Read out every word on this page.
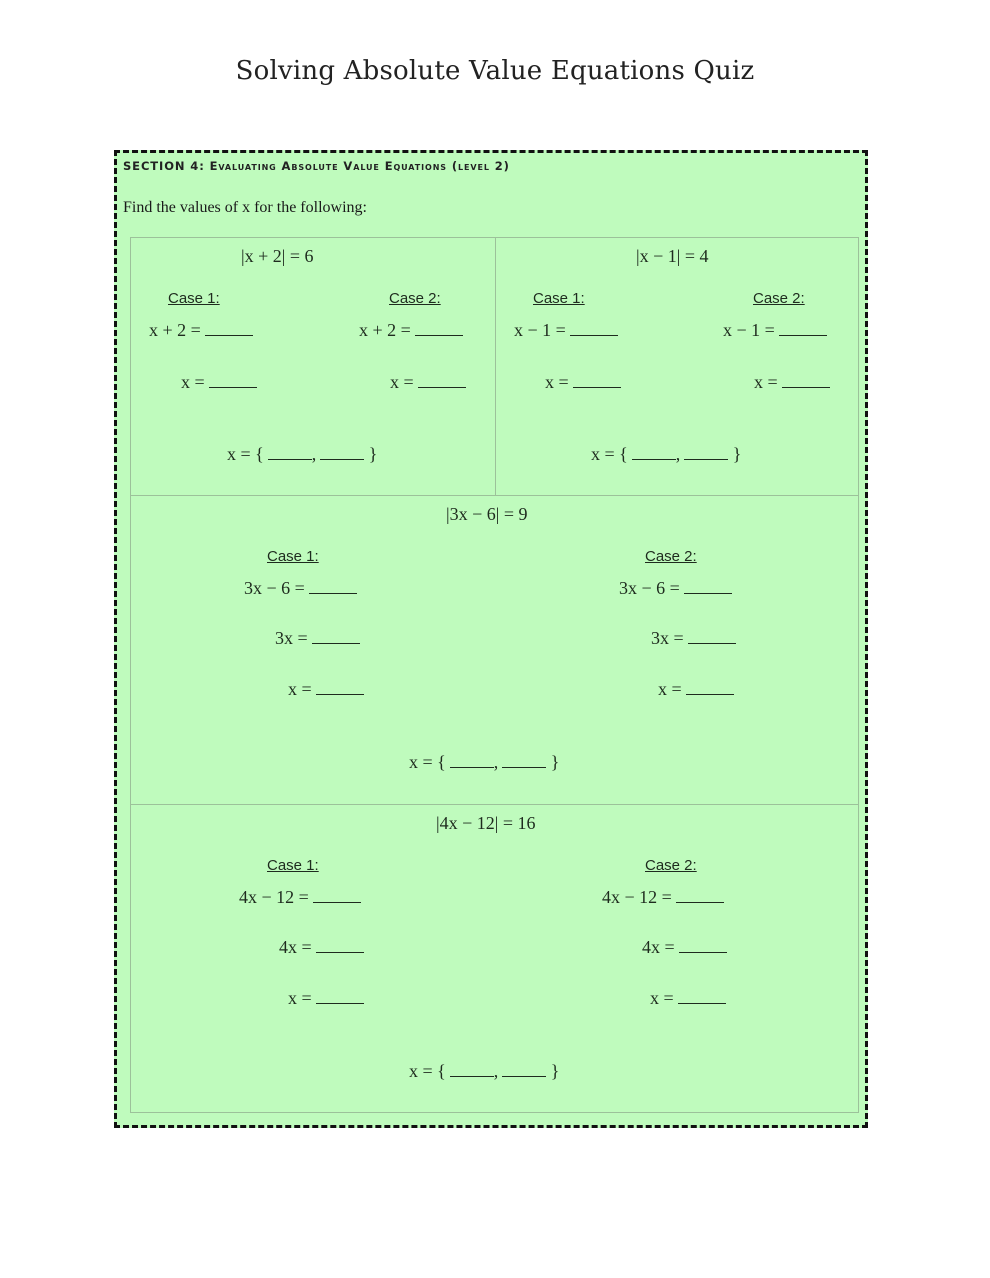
Solving Absolute Value Equations Quiz
SECTION 4: Evaluating Absolute Value Equations (level 2)
Find the values of x for the following:
|x + 2| = 6
Case 1:	Case 2:
x + 2 =	x + 2 =
x =	x =
x = {	,	}
|x − 1| = 4
Case 1:	Case 2:
x − 1 =	x − 1 =
x =	x =
x = {	,	}
|3x − 6| = 9
Case 1:	Case 2:
3x − 6 =	3x − 6 =
3x =	3x =
x =	x =
x = {	,	}
|4x − 12| = 16
Case 1:	Case 2:
4x − 12 =	4x − 12 =
4x =	4x =
x =	x =
x = {	,	}
